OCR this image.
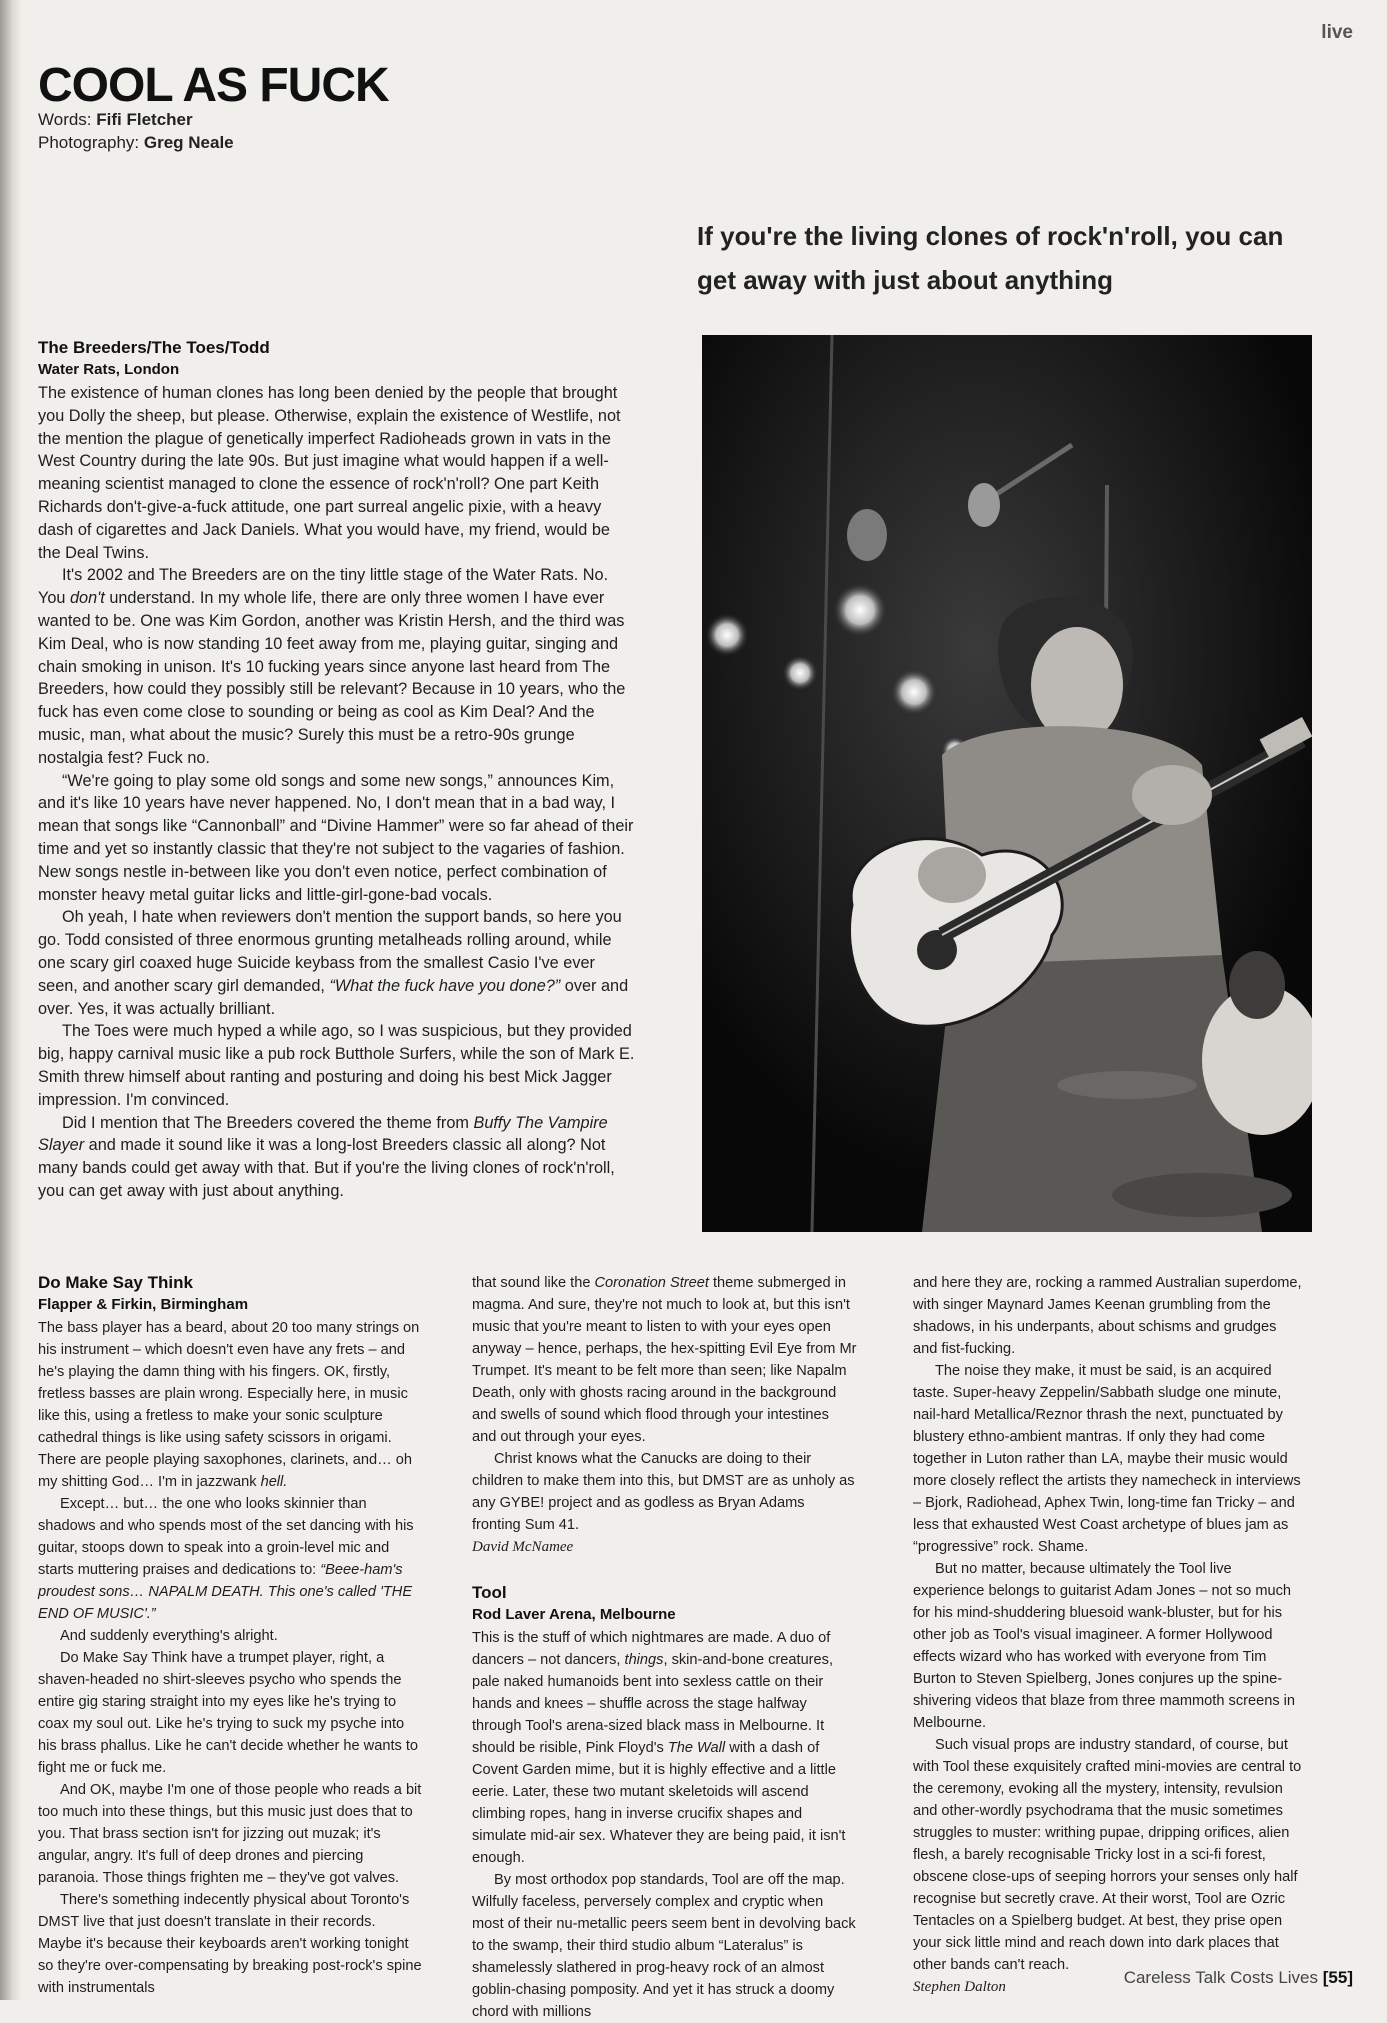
live
COOL AS FUCK
Words: Fifi Fletcher
Photography: Greg Neale
If you're the living clones of rock'n'roll, you can get away with just about anything
The Breeders/The Toes/Todd
Water Rats, London

The existence of human clones has long been denied by the people that brought you Dolly the sheep, but please. Otherwise, explain the existence of Westlife, not the mention the plague of genetically imperfect Radioheads grown in vats in the West Country during the late 90s. But just imagine what would happen if a well-meaning scientist managed to clone the essence of rock'n'roll? One part Keith Richards don't-give-a-fuck attitude, one part surreal angelic pixie, with a heavy dash of cigarettes and Jack Daniels. What you would have, my friend, would be the Deal Twins.

It's 2002 and The Breeders are on the tiny little stage of the Water Rats. No. You don't understand. In my whole life, there are only three women I have ever wanted to be. One was Kim Gordon, another was Kristin Hersh, and the third was Kim Deal, who is now standing 10 feet away from me, playing guitar, singing and chain smoking in unison. It's 10 fucking years since anyone last heard from The Breeders, how could they possibly still be relevant? Because in 10 years, who the fuck has even come close to sounding or being as cool as Kim Deal? And the music, man, what about the music? Surely this must be a retro-90s grunge nostalgia fest? Fuck no.

“We're going to play some old songs and some new songs,” announces Kim, and it's like 10 years have never happened. No, I don't mean that in a bad way, I mean that songs like “Cannonball” and “Divine Hammer” were so far ahead of their time and yet so instantly classic that they're not subject to the vagaries of fashion. New songs nestle in-between like you don't even notice, perfect combination of monster heavy metal guitar licks and little-girl-gone-bad vocals.

Oh yeah, I hate when reviewers don't mention the support bands, so here you go. Todd consisted of three enormous grunting metalheads rolling around, while one scary girl coaxed huge Suicide keybass from the smallest Casio I've ever seen, and another scary girl demanded, “What the fuck have you done?” over and over. Yes, it was actually brilliant.

The Toes were much hyped a while ago, so I was suspicious, but they provided big, happy carnival music like a pub rock Butthole Surfers, while the son of Mark E. Smith threw himself about ranting and posturing and doing his best Mick Jagger impression. I'm convinced.

Did I mention that The Breeders covered the theme from Buffy The Vampire Slayer and made it sound like it was a long-lost Breeders classic all along? Not many bands could get away with that. But if you're the living clones of rock'n'roll, you can get away with just about anything.

Do Make Say Think
Flapper & Firkin, Birmingham

The bass player has a beard, about 20 too many strings on his instrument – which doesn't even have any frets – and he's playing the damn thing with his fingers. OK, firstly, fretless basses are plain wrong. Especially here, in music like this, using a fretless to make your sonic sculpture cathedral things is like using safety scissors in origami. There are people playing saxophones, clarinets, and… oh my shitting God… I'm in jazzwank hell.

Except… but… the one who looks skinnier than shadows and who spends most of the set dancing with his guitar, stoops down to speak into a groin-level mic and starts muttering praises and dedications to: “Beee-ham's proudest sons… NAPALM DEATH. This one's called 'THE END OF MUSIC'.”

And suddenly everything's alright.

Do Make Say Think have a trumpet player, right, a shaven-headed no shirt-sleeves psycho who spends the entire gig staring straight into my eyes like he's trying to coax my soul out. Like he's trying to suck my psyche into his brass phallus. Like he can't decide whether he wants to fight me or fuck me.

And OK, maybe I'm one of those people who reads a bit too much into these things, but this music just does that to you. That brass section isn't for jizzing out muzak; it's angular, angry. It's full of deep drones and piercing paranoia. Those things frighten me – they've got valves.

There's something indecently physical about Toronto's DMST live that just doesn't translate in their records. Maybe it's because their keyboards aren't working tonight so they're over-compensating by breaking post-rock's spine with instrumentals

that sound like the Coronation Street theme submerged in magma. And sure, they're not much to look at, but this isn't music that you're meant to listen to with your eyes open anyway – hence, perhaps, the hex-spitting Evil Eye from Mr Trumpet. It's meant to be felt more than seen; like Napalm Death, only with ghosts racing around in the background and swells of sound which flood through your intestines and out through your eyes.

Christ knows what the Canucks are doing to their children to make them into this, but DMST are as unholy as any GYBE! project and as godless as Bryan Adams fronting Sum 41.

David McNamee

Tool
Rod Laver Arena, Melbourne

This is the stuff of which nightmares are made. A duo of dancers – not dancers, things, skin-and-bone creatures, pale naked humanoids bent into sexless cattle on their hands and knees – shuffle across the stage halfway through Tool's arena-sized black mass in Melbourne. It should be risible, Pink Floyd's The Wall with a dash of Covent Garden mime, but it is highly effective and a little eerie. Later, these two mutant skeletoids will ascend climbing ropes, hang in inverse crucifix shapes and simulate mid-air sex. Whatever they are being paid, it isn't enough.

By most orthodox pop standards, Tool are off the map. Wilfully faceless, perversely complex and cryptic when most of their nu-metallic peers seem bent in devolving back to the swamp, their third studio album “Lateralus” is shamelessly slathered in prog-heavy rock of an almost goblin-chasing pomposity. And yet it has struck a doomy chord with millions

and here they are, rocking a rammed Australian superdome, with singer Maynard James Keenan grumbling from the shadows, in his underpants, about schisms and grudges and fist-fucking.

The noise they make, it must be said, is an acquired taste. Super-heavy Zeppelin/Sabbath sludge one minute, nail-hard Metallica/Reznor thrash the next, punctuated by blustery ethno-ambient mantras. If only they had come together in Luton rather than LA, maybe their music would more closely reflect the artists they namecheck in interviews – Bjork, Radiohead, Aphex Twin, long-time fan Tricky – and less that exhausted West Coast archetype of blues jam as “progressive” rock. Shame.

But no matter, because ultimately the Tool live experience belongs to guitarist Adam Jones – not so much for his mind-shuddering bluesoid wank-bluster, but for his other job as Tool's visual imagineer. A former Hollywood effects wizard who has worked with everyone from Tim Burton to Steven Spielberg, Jones conjures up the spine-shivering videos that blaze from three mammoth screens in Melbourne.

Such visual props are industry standard, of course, but with Tool these exquisitely crafted mini-movies are central to the ceremony, evoking all the mystery, intensity, revulsion and other-wordly psychodrama that the music sometimes struggles to muster: writhing pupae, dripping orifices, alien flesh, a barely recognisable Tricky lost in a sci-fi forest, obscene close-ups of seeping horrors your senses only half recognise but secretly crave. At their worst, Tool are Ozric Tentacles on a Spielberg budget. At best, they prise open your sick little mind and reach down into dark places that other bands can't reach.

Stephen Dalton	Careless Talk Costs Lives [55]
